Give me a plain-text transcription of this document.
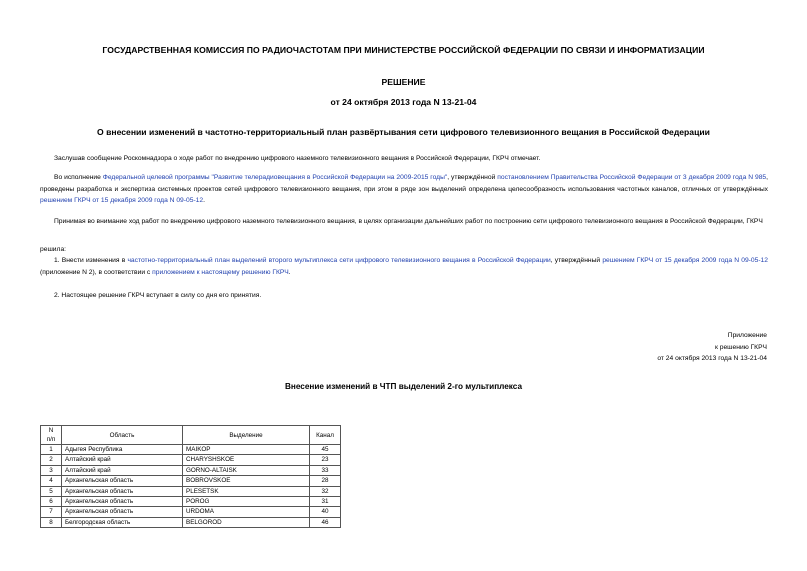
ГОСУДАРСТВЕННАЯ КОМИССИЯ ПО РАДИОЧАСТОТАМ ПРИ МИНИСТЕРСТВЕ РОССИЙСКОЙ ФЕДЕРАЦИИ ПО СВЯЗИ И ИНФОРМАТИЗАЦИИ
РЕШЕНИЕ
от 24 октября 2013 года N 13-21-04
О внесении изменений в частотно-территориальный план развёртывания сети цифрового телевизионного вещания в Российской Федерации

Заслушав сообщение Роскомнадзора о ходе работ по внедрению цифрового наземного телевизионного вещания в Российской Федерации, ГКРЧ отмечает.

Во исполнение Федеральной целевой программы "Развитие телерадиовещания в Российской Федерации на 2009-2015 годы", утверждённой постановлением Правительства Российской Федерации от 3 декабря 2009 года N 985, проведены разработка и экспертиза системных проектов сетей цифрового телевизионного вещания, при этом в ряде зон выделений определена целесообразность использования частотных каналов, отличных от утверждённых решением ГКРЧ от 15 декабря 2009 года N 09-05-12.

Принимая во внимание ход работ по внедрению цифрового наземного телевизионного вещания, в целях организации дальнейших работ по построению сети цифрового телевизионного вещания в Российской Федерации, ГКРЧ

решила:

1. Внести изменения в частотно-территориальный план выделений второго мультиплекса сети цифрового телевизионного вещания в Российской Федерации, утверждённый решением ГКРЧ от 15 декабря 2009 года N 09-05-12 (приложение N 2), в соответствии с приложением к настоящему решению ГКРЧ.

2. Настоящее решение ГКРЧ вступает в силу со дня его принятия.

Приложение
к решению ГКРЧ
от 24 октября 2013 года N 13-21-04
Внесение изменений в ЧТП выделений 2-го мультиплекса
N
п/п	Область	Выделение	Канал
1	Адыгея Республика	MAIKOP	45
2	Алтайский край	CHARYSHSKOE	23
3	Алтайский край	GORNO-ALTAISK	33
4	Архангельская область	BOBROVSKOE	28
5	Архангельская область	PLESETSK	32
6	Архангельская область	POROG	31
7	Архангельская область	URDOMA	40
8	Белгородская область	BELGOROD	46
